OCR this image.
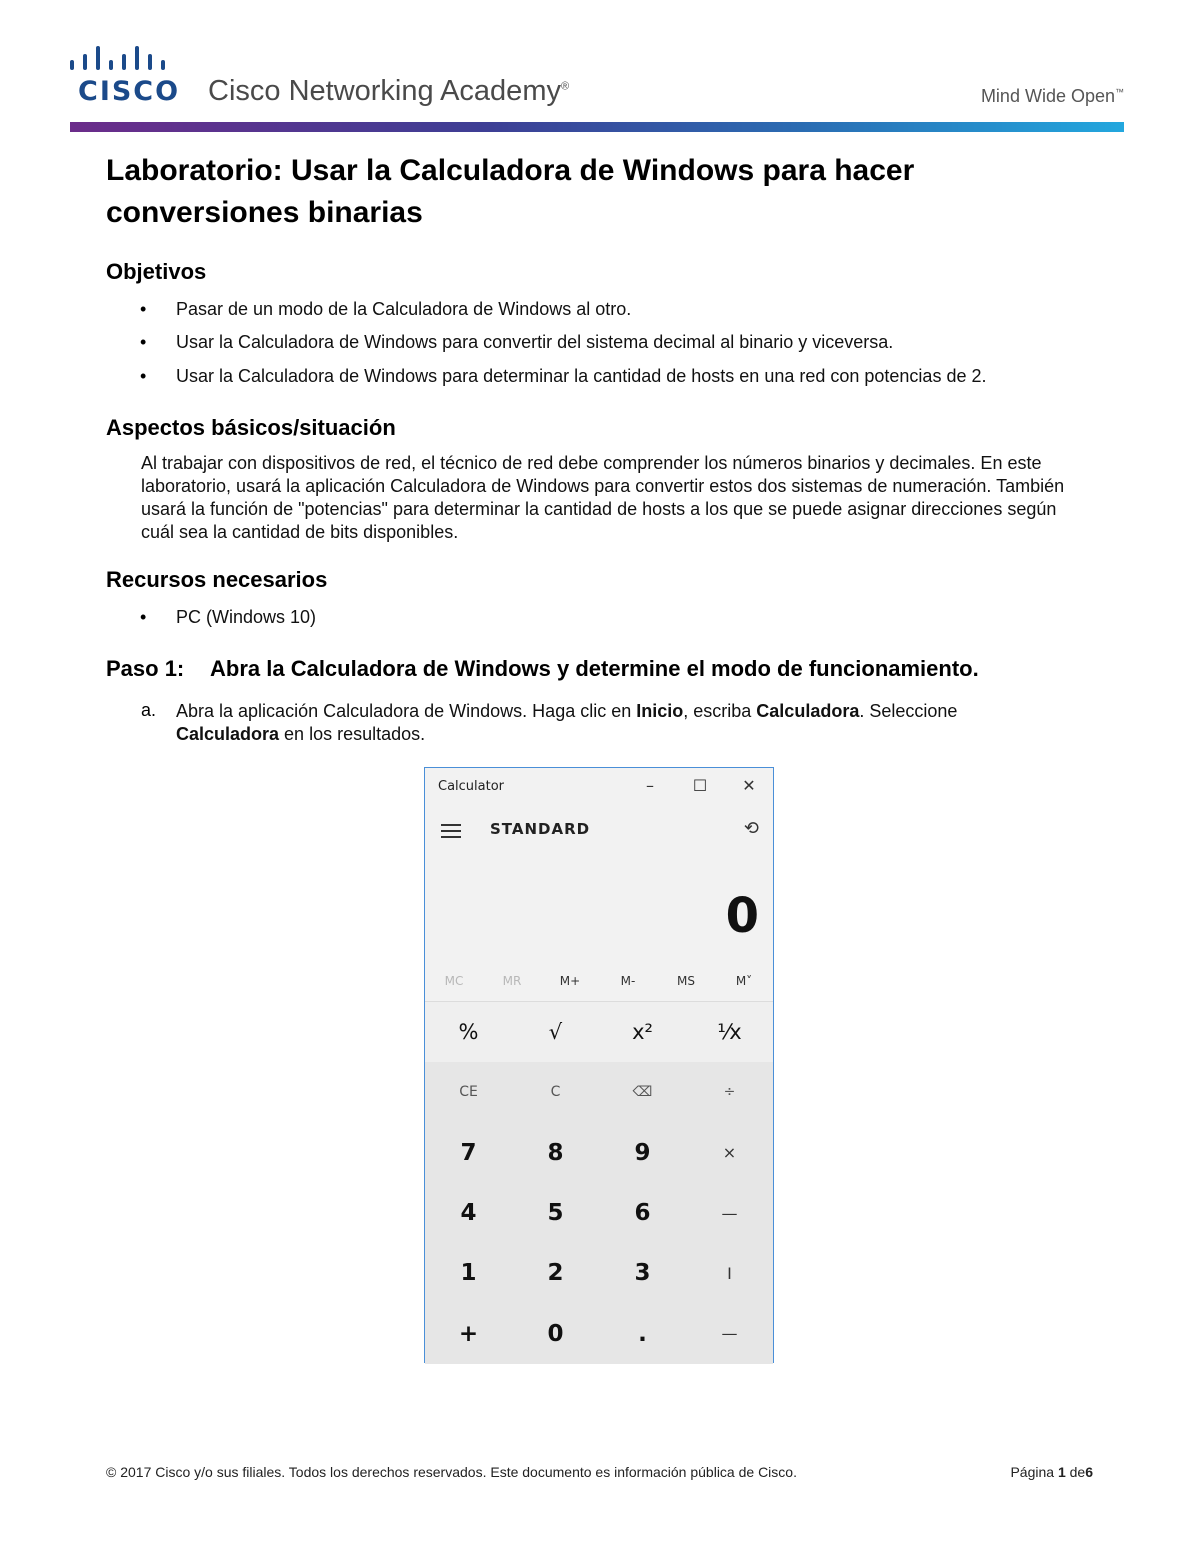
CISCO Cisco Networking Academy®	Mind Wide Open™
Laboratorio: Usar la Calculadora de Windows para hacer conversiones binarias
Objetivos
• Pasar de un modo de la Calculadora de Windows al otro.
• Usar la Calculadora de Windows para convertir del sistema decimal al binario y viceversa.
• Usar la Calculadora de Windows para determinar la cantidad de hosts en una red con potencias de 2.
Aspectos básicos/situación
Al trabajar con dispositivos de red, el técnico de red debe comprender los números binarios y decimales. En este laboratorio, usará la aplicación Calculadora de Windows para convertir estos dos sistemas de numeración. También usará la función de "potencias" para determinar la cantidad de hosts a los que se puede asignar direcciones según cuál sea la cantidad de bits disponibles.
Recursos necesarios
• PC (Windows 10)
Paso 1: Abra la Calculadora de Windows y determine el modo de funcionamiento.
a. Abra la aplicación Calculadora de Windows. Haga clic en Inicio, escriba Calculadora. Seleccione Calculadora en los resultados.
Calculator	–	☐	✕
STANDARD	⟲
0
MC	MR	M+	M-	MS	M˅
%	√	x²	¹⁄x
CE	C	⌫	÷
7	8	9	×
4	5	6	—
1	2	3	I
+	0	.	—
© 2017 Cisco y/o sus filiales. Todos los derechos reservados. Este documento es información pública de Cisco.	Página 1 de6
